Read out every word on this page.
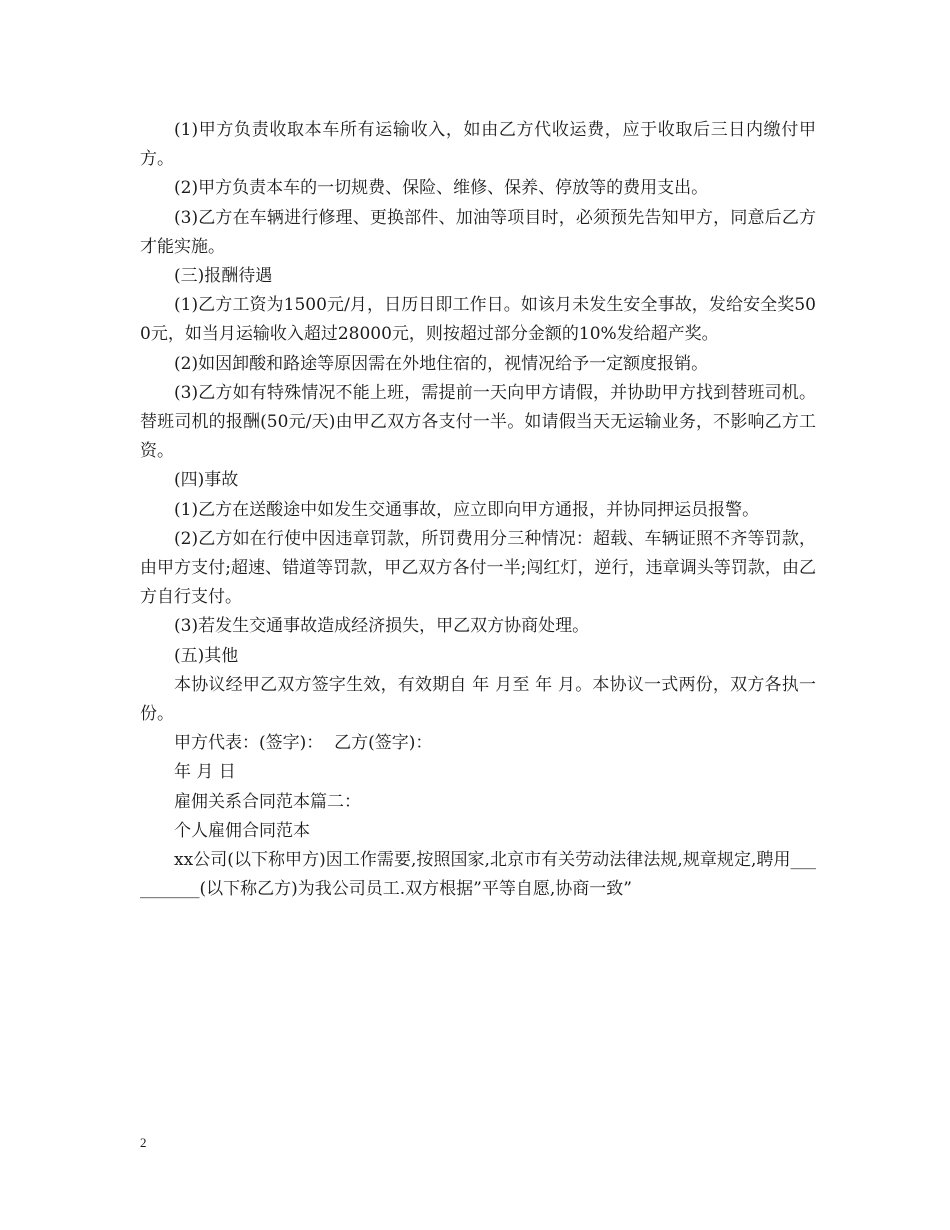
(1)甲方负责收取本车所有运输收入，如由乙方代收运费，应于收取后三日内缴付甲方。

(2)甲方负责本车的一切规费、保险、维修、保养、停放等的费用支出。

(3)乙方在车辆进行修理、更换部件、加油等项目时，必须预先告知甲方，同意后乙方才能实施。

(三)报酬待遇

(1)乙方工资为1500元/月，日历日即工作日。如该月未发生安全事故，发给安全奖500元，如当月运输收入超过28000元，则按超过部分金额的10%发给超产奖。

(2)如因卸酸和路途等原因需在外地住宿的，视情况给予一定额度报销。

(3)乙方如有特殊情况不能上班，需提前一天向甲方请假，并协助甲方找到替班司机。替班司机的报酬(50元/天)由甲乙双方各支付一半。如请假当天无运输业务，不影响乙方工资。

(四)事故

(1)乙方在送酸途中如发生交通事故，应立即向甲方通报，并协同押运员报警。

(2)乙方如在行使中因违章罚款，所罚费用分三种情况：超载、车辆证照不齐等罚款，由甲方支付;超速、错道等罚款，甲乙双方各付一半;闯红灯，逆行，违章调头等罚款，由乙方自行支付。

(3)若发生交通事故造成经济损失，甲乙双方协商处理。

(五)其他

本协议经甲乙双方签字生效，有效期自 年 月至 年 月。本协议一式两份，双方各执一份。

甲方代表：(签字)：  乙方(签字)：

年 月 日

雇佣关系合同范本篇二：

个人雇佣合同范本

xx公司(以下称甲方)因工作需要,按照国家,北京市有关劳动法律法规,规章规定,聘用__________(以下称乙方)为我公司员工.双方根据”平等自愿,协商一致”

2
